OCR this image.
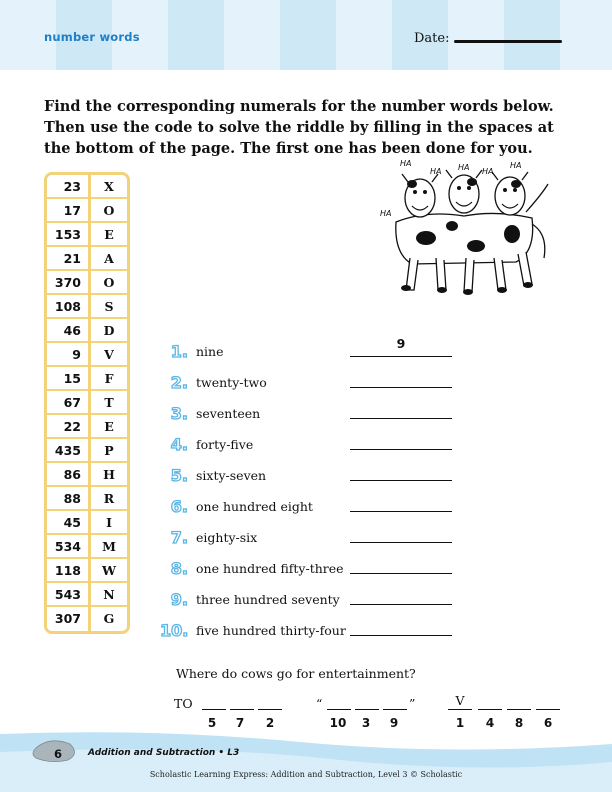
number words	Date:
Find the corresponding numerals for the number words below. Then use the code to solve the riddle by filling in the spaces at the bottom of the page. The first one has been done for you.
23	X
17	O
153	E
21	A
370	O
108	S
46	D
9	V
15	F
67	T
22	E
435	P
86	H
88	R
45	I
534	M
118	W
543	N
307	G
HA
HA HA HA
HA
HA
1. nine
9
2. twenty-two
3. seventeen
4. forty-five
5. sixty-seven
6. one hundred eight
7. eighty-six
8. one hundred fifty-three
9. three hundred seventy
10. five hundred thirty-four
Where do cows go for entertainment?
TO
5	7	2
“	”
10	3	9
V
1	4	8	6
6	Addition and Subtraction • L3
Scholastic Learning Express: Addition and Subtraction, Level 3 © Scholastic
